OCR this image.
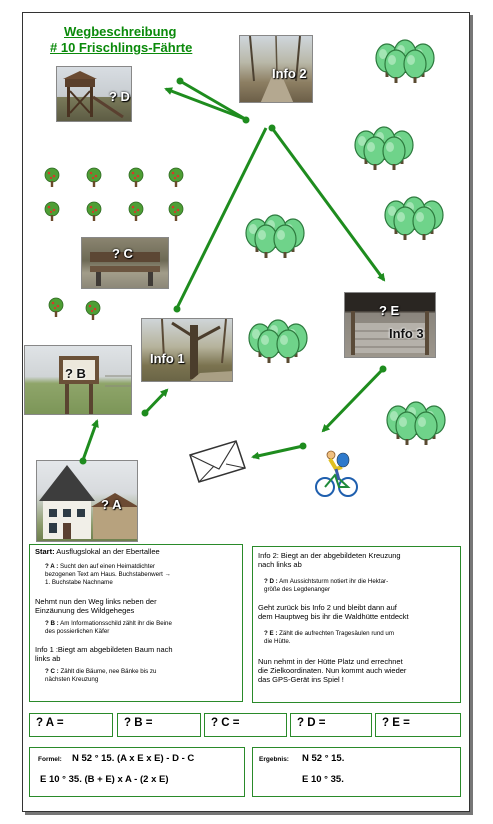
Wegbeschreibung
# 10 Frischlings-Fährte
? D
Info 2
? C
? E
Info 3
Info 1
? B
? A
Start: Ausflugslokal an der Ebertallee
? A : Sucht den auf einen Heimatdichter
bezogenen Text am Haus. Buchstabenwert →
1. Buchstabe Nachname
Nehmt nun den Weg links neben der
Einzäunung des Wildgeheges
? B : Am Informationsschild zählt ihr die Beine
des possierlichen Käfer
Info 1 :Biegt am abgebildeten Baum nach
links ab
? C : Zählt die Bäume, nee Bänke bis zu
nächsten Kreuzung
Info 2: Biegt an der abgebildeten Kreuzung
nach links ab
? D : Am Aussichtsturm notiert ihr die Hektar-
größe des Legdenanger
Geht zurück bis Info 2 und bleibt dann auf
dem Hauptweg bis ihr die Waldhütte entdeckt
? E : Zählt die aufrechten Tragesäulen rund um
die Hütte.
Nun nehmt in der Hütte Platz und errechnet
die Zielkoordinaten. Nun kommt auch wieder
das GPS-Gerät ins Spiel !
? A =	? B =	? C =	? D =	? E =
Formel: N 52 ° 15. (A x E x E) - D - C
E 10 ° 35. (B + E) x A - (2 x E)
Ergebnis: N 52 ° 15.
E 10 ° 35.
